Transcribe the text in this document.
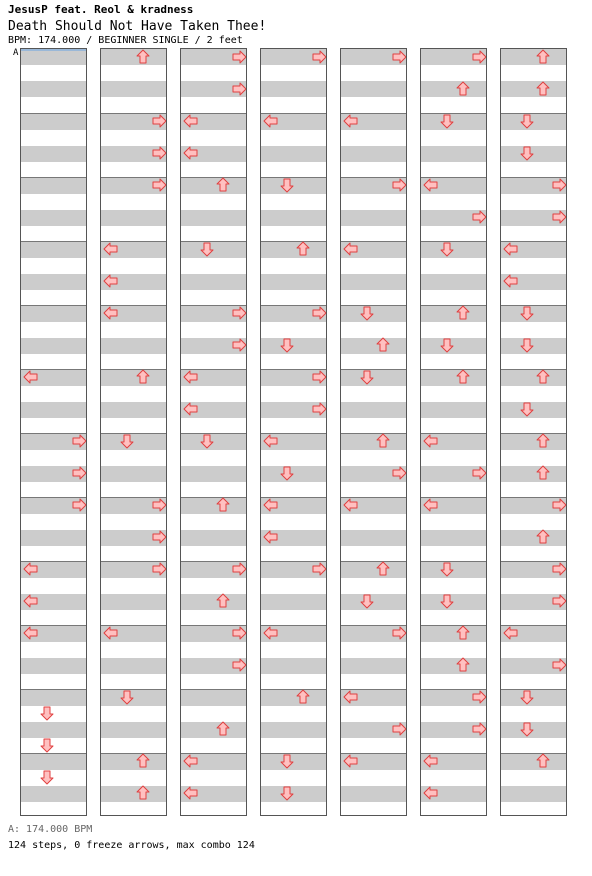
JesusP feat. Reol & kradness
Death Should Not Have Taken Thee!
BPM: 174.000 / BEGINNER SINGLE / 2 feet
A
A: 174.000 BPM
124 steps, 0 freeze arrows, max combo 124
